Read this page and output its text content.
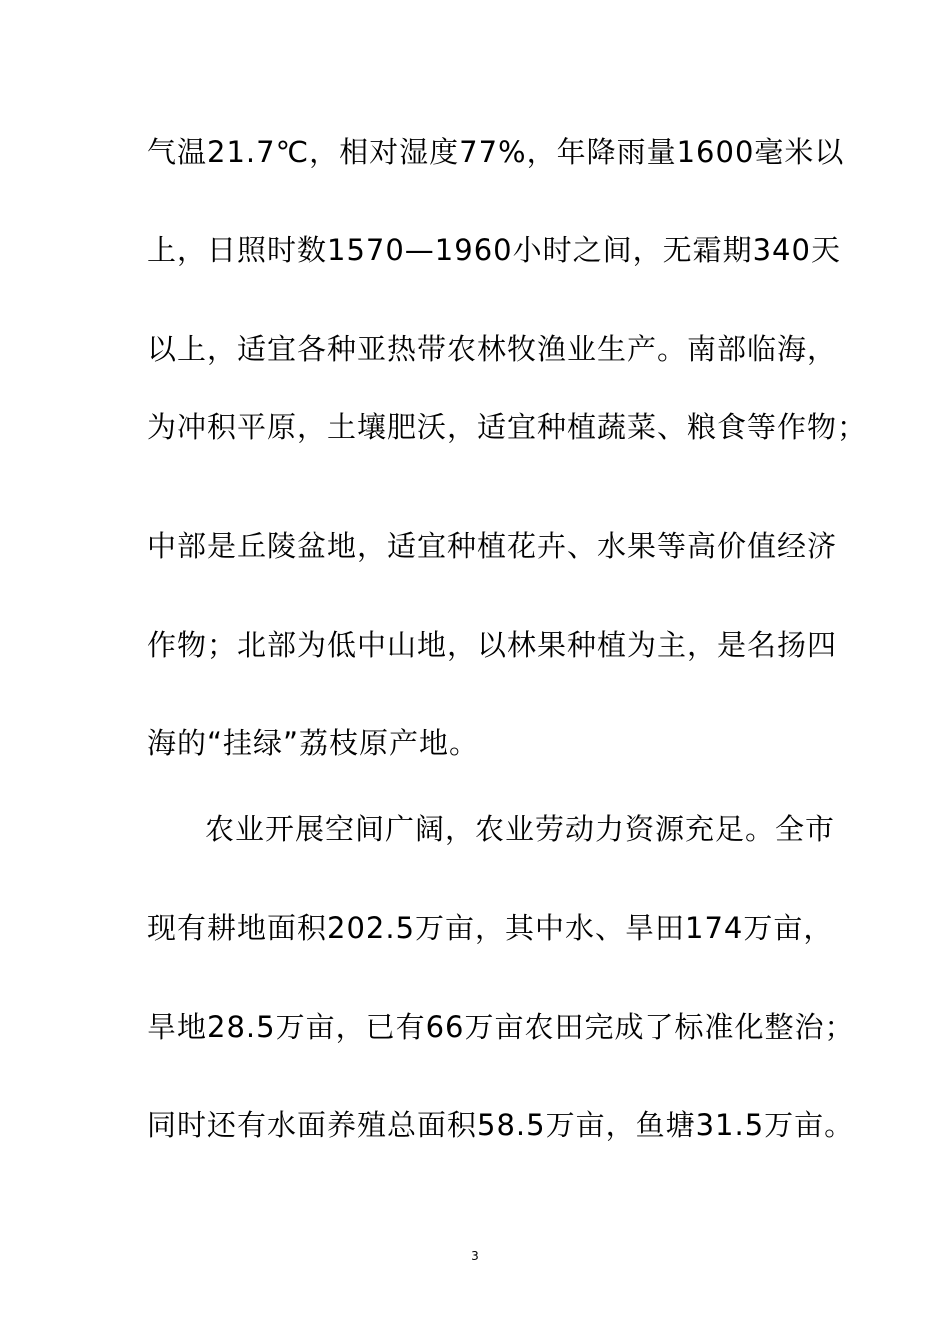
气温21.7℃，相对湿度77%，年降雨量1600毫米以
上，日照时数1570—1960小时之间，无霜期340天
以上，适宜各种亚热带农林牧渔业生产。南部临海，
为冲积平原，土壤肥沃，适宜种植蔬菜、粮食等作物；
中部是丘陵盆地，适宜种植花卉、水果等高价值经济
作物；北部为低中山地，以林果种植为主，是名扬四
海的“挂绿”荔枝原产地。
农业开展空间广阔，农业劳动力资源充足。全市
现有耕地面积202.5万亩，其中水、旱田174万亩，
旱地28.5万亩，已有66万亩农田完成了标准化整治；
同时还有水面养殖总面积58.5万亩，鱼塘31.5万亩。
3
